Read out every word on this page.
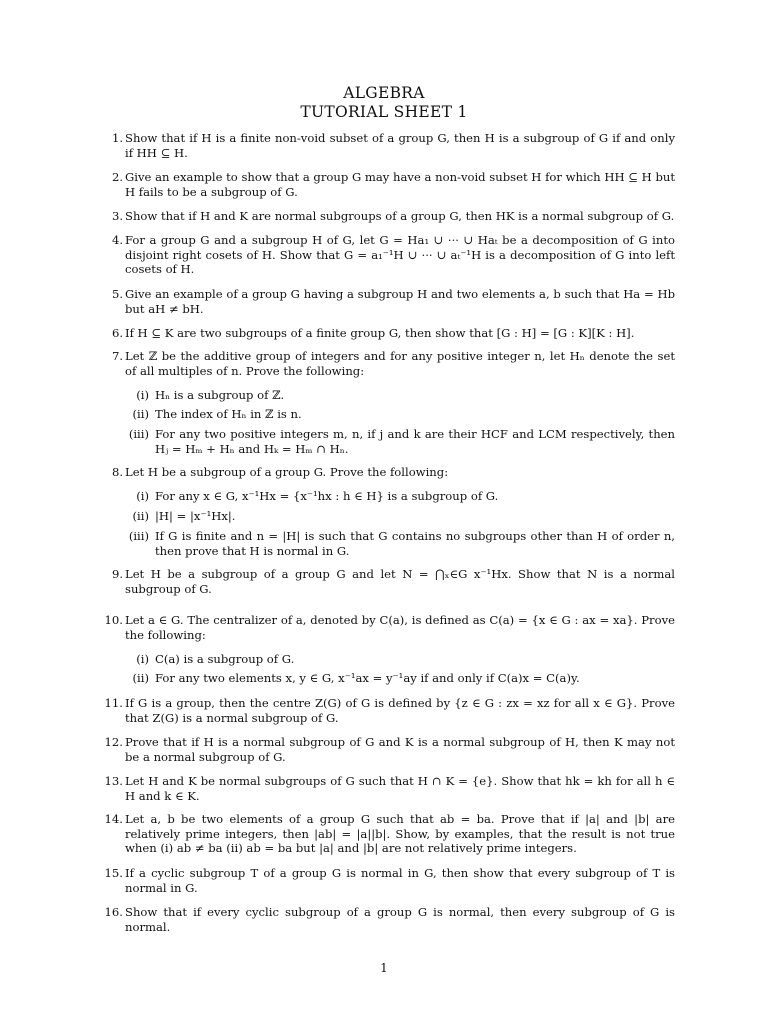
ALGEBRA
TUTORIAL SHEET 1
1. Show that if H is a finite non-void subset of a group G, then H is a subgroup of G if and only if HH ⊆ H.
2. Give an example to show that a group G may have a non-void subset H for which HH ⊆ H but H fails to be a subgroup of G.
3. Show that if H and K are normal subgroups of a group G, then HK is a normal subgroup of G.
4. For a group G and a subgroup H of G, let G = Ha₁ ∪ ··· ∪ Haₜ be a decomposition of G into disjoint right cosets of H. Show that G = a₁⁻¹H ∪ ··· ∪ aₜ⁻¹H is a decomposition of G into left cosets of H.
5. Give an example of a group G having a subgroup H and two elements a, b such that Ha = Hb but aH ≠ bH.
6. If H ⊆ K are two subgroups of a finite group G, then show that [G : H] = [G : K][K : H].
7. Let ℤ be the additive group of integers and for any positive integer n, let Hₙ denote the set of all multiples of n. Prove the following:
(i) Hₙ is a subgroup of ℤ.
(ii) The index of Hₙ in ℤ is n.
(iii) For any two positive integers m, n, if j and k are their HCF and LCM respectively, then Hⱼ = Hₘ + Hₙ and Hₖ = Hₘ ∩ Hₙ.
8. Let H be a subgroup of a group G. Prove the following:
(i) For any x ∈ G, x⁻¹Hx = {x⁻¹hx : h ∈ H} is a subgroup of G.
(ii) |H| = |x⁻¹Hx|.
(iii) If G is finite and n = |H| is such that G contains no subgroups other than H of order n, then prove that H is normal in G.
9. Let H be a subgroup of a group G and let N = ⋂ₓ∈G x⁻¹Hx. Show that N is a normal subgroup of G.
10. Let a ∈ G. The centralizer of a, denoted by C(a), is defined as C(a) = {x ∈ G : ax = xa}. Prove the following:
(i) C(a) is a subgroup of G.
(ii) For any two elements x, y ∈ G, x⁻¹ax = y⁻¹ay if and only if C(a)x = C(a)y.
11. If G is a group, then the centre Z(G) of G is defined by {z ∈ G : zx = xz for all x ∈ G}. Prove that Z(G) is a normal subgroup of G.
12. Prove that if H is a normal subgroup of G and K is a normal subgroup of H, then K may not be a normal subgroup of G.
13. Let H and K be normal subgroups of G such that H ∩ K = {e}. Show that hk = kh for all h ∈ H and k ∈ K.
14. Let a, b be two elements of a group G such that ab = ba. Prove that if |a| and |b| are relatively prime integers, then |ab| = |a||b|. Show, by examples, that the result is not true when (i) ab ≠ ba (ii) ab = ba but |a| and |b| are not relatively prime integers.
15. If a cyclic subgroup T of a group G is normal in G, then show that every subgroup of T is normal in G.
16. Show that if every cyclic subgroup of a group G is normal, then every subgroup of G is normal.
1
